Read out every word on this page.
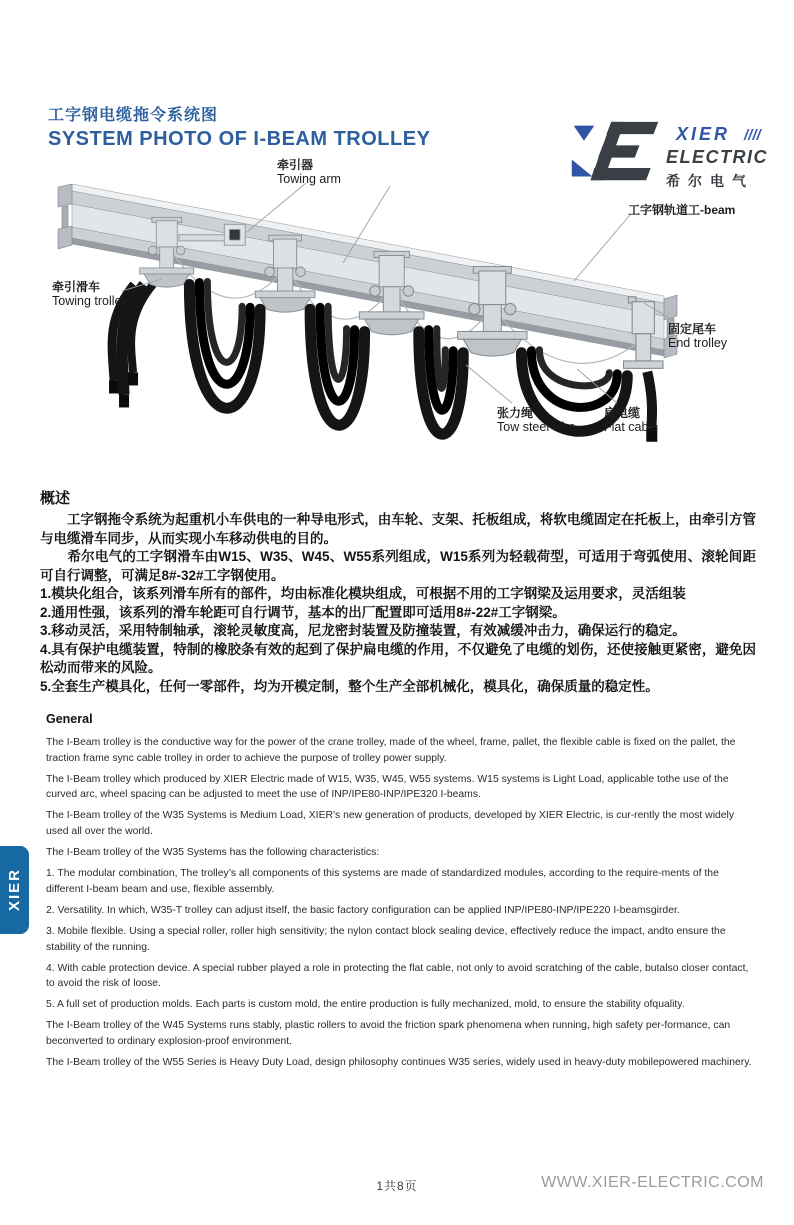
XIER ////
ELECTRIC
希尔电气
工字钢电缆拖令系统图
SYSTEM PHOTO OF I-BEAM TROLLEY
牵引器
Towing arm
工字钢轨道工-beam
牵引滑车
Towing trolley
固定尾车
End trolley
张力绳
Tow steel wire
扁电缆
Flat cable
概述

　　工字钢拖令系统为起重机小车供电的一种导电形式，由车轮、支架、托板组成，将软电缆固定在托板上，由牵引方管与电缆滑车同步，从而实现小车移动供电的目的。

　　希尔电气的工字钢滑车由W15、W35、W45、W55系列组成，W15系列为轻载荷型，可适用于弯弧使用、滚轮间距可自行调整，可满足8#-32#工字钢使用。

1.模块化组合，该系列滑车所有的部件，均由标准化模块组成，可根据不用的工字钢梁及运用要求，灵活组装

2.通用性强，该系列的滑车轮距可自行调节，基本的出厂配置即可适用8#-22#工字钢梁。

3.移动灵活，采用特制轴承，滚轮灵敏度高，尼龙密封装置及防撞装置，有效减缓冲击力，确保运行的稳定。

4.具有保护电缆装置，特制的橡胶条有效的起到了保护扁电缆的作用，不仅避免了电缆的划伤，还使接触更紧密，避免因松动而带来的风险。

5.全套生产模具化，任何一零部件，均为开模定制，整个生产全部机械化，模具化，确保质量的稳定性。

General

The I-Beam trolley is the conductive way for the power of the crane trolley, made of the wheel, frame, pallet, the flexible cable is fixed on the pallet, the traction frame sync cable trolley in order to achieve the purpose of trolley power supply.

The I-Beam trolley which produced by XIER Electric made of W15, W35, W45, W55 systems. W15 systems is Light Load, applicable tothe use of the curved arc, wheel spacing can be adjusted to meet the use of INP/IPE80-INP/IPE320 I-beams.

The I-Beam trolley of the W35 Systems is Medium Load, XIER's new generation of products, developed by XIER Electric, is cur-rently the most widely used all over the world.

The I-Beam trolley of the W35 Systems has the following characteristics:

1. The modular combination, The trolley’s all components of this systems are made of standardized modules, according to the require-ments of the different I-beam beam and use, flexible assembly.

2. Versatility. In which, W35-T trolley can adjust itself, the basic factory configuration can be applied INP/IPE80-INP/IPE220 I-beamsgirder.

3. Mobile flexible. Using a special roller, roller high sensitivity; the nylon contact block sealing device, effectively reduce the impact, andto ensure the stability of the running.

4. With cable protection device. A special rubber played a role in protecting the flat cable, not only to avoid scratching of the cable, butalso closer contact, to avoid the risk of loose.

5. A full set of production molds. Each parts is custom mold, the entire production is fully mechanized, mold, to ensure the stability ofquality.

The I-Beam trolley of the W45 Systems runs stably, plastic rollers to avoid the friction spark phenomena when running, high safety per-formance, can beconverted to ordinary explosion-proof environment.

The I-Beam trolley of the W55 Series is Heavy Duty Load, design philosophy continues W35 series, widely used in heavy-duty mobilepowered machinery.

XIER
1共8页	WWW.XIER-ELECTRIC.COM
